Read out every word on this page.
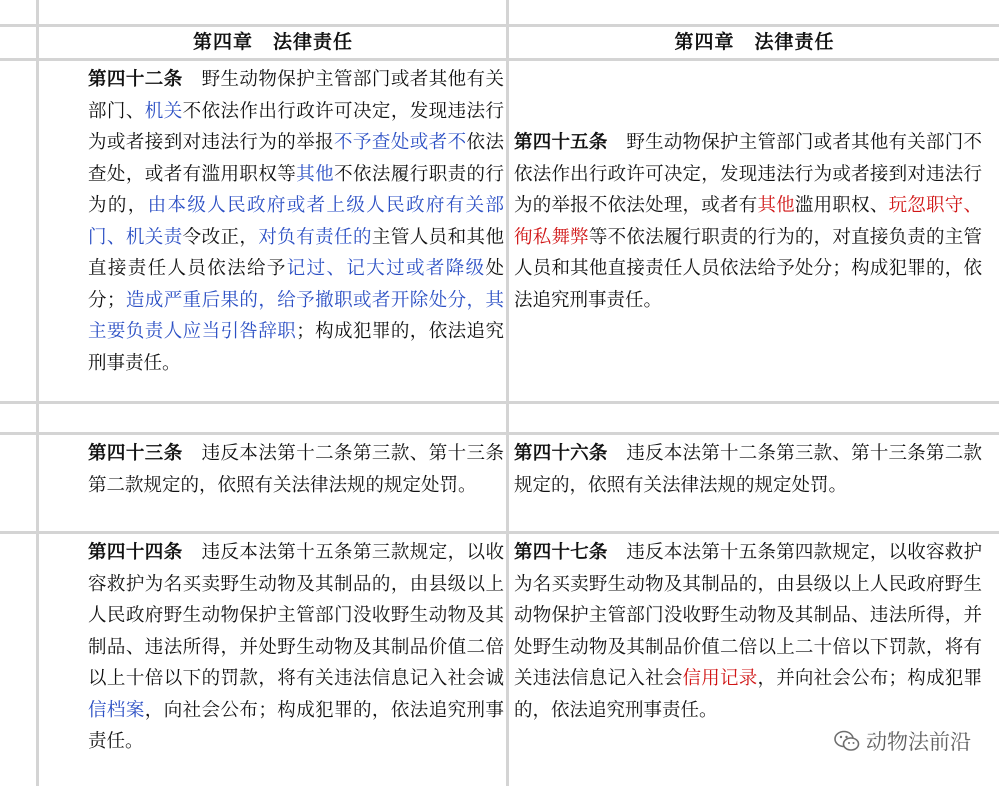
第四章　法律责任	第四章　法律责任
第四十二条　野生动物保护主管部门或者其他有关部门、机关不依法作出行政许可决定，发现违法行为或者接到对违法行为的举报不予查处或者不依法查处，或者有滥用职权等其他不依法履行职责的行为的，由本级人民政府或者上级人民政府有关部门、机关责令改正，对负有责任的主管人员和其他直接责任人员依法给予记过、记大过或者降级处分；造成严重后果的，给予撤职或者开除处分，其主要负责人应当引咎辞职；构成犯罪的，依法追究刑事责任。
第四十五条　野生动物保护主管部门或者其他有关部门不依法作出行政许可决定，发现违法行为或者接到对违法行为的举报不依法处理，或者有其他滥用职权、玩忽职守、徇私舞弊等不依法履行职责的行为的，对直接负责的主管人员和其他直接责任人员依法给予处分；构成犯罪的，依法追究刑事责任。
第四十三条　违反本法第十二条第三款、第十三条第二款规定的，依照有关法律法规的规定处罚。
第四十六条　违反本法第十二条第三款、第十三条第二款规定的，依照有关法律法规的规定处罚。
第四十四条　违反本法第十五条第三款规定，以收容救护为名买卖野生动物及其制品的，由县级以上人民政府野生动物保护主管部门没收野生动物及其制品、违法所得，并处野生动物及其制品价值二倍以上十倍以下的罚款，将有关违法信息记入社会诚信档案，向社会公布；构成犯罪的，依法追究刑事责任。
第四十七条　违反本法第十五条第四款规定，以收容救护为名买卖野生动物及其制品的，由县级以上人民政府野生动物保护主管部门没收野生动物及其制品、违法所得，并处野生动物及其制品价值二倍以上二十倍以下罚款，将有关违法信息记入社会信用记录，并向社会公布；构成犯罪的，依法追究刑事责任。
动物法前沿
